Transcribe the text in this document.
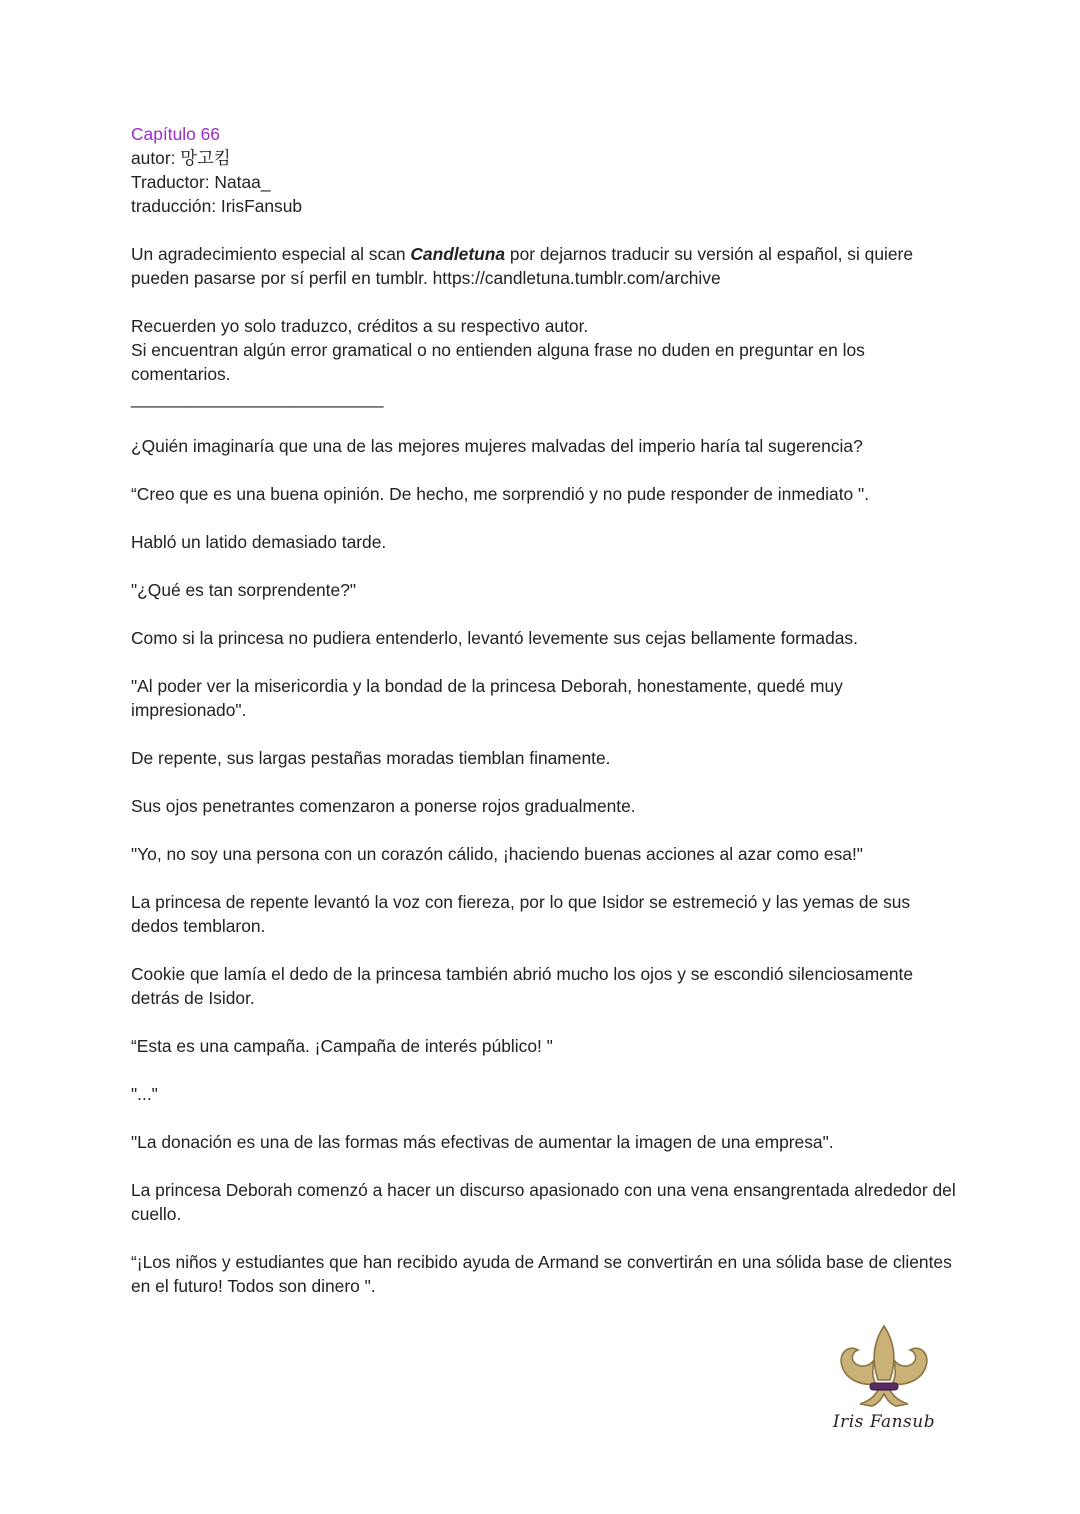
Capítulo 66
autor: 망고킴
Traductor: Nataa_
traducción: IrisFansub

Un agradecimiento especial al scan Candletuna por dejarnos traducir su versión al español, si quiere pueden pasarse por sí perfil en tumblr. https://candletuna.tumblr.com/archive

Recuerden yo solo traduzco, créditos a su respectivo autor.
Si encuentran algún error gramatical o no entienden alguna frase no duden en preguntar en los comentarios.
_____________________________

¿Quién imaginaría que una de las mejores mujeres malvadas del imperio haría tal sugerencia?

“Creo que es una buena opinión. De hecho, me sorprendió y no pude responder de inmediato ".

Habló un latido demasiado tarde.

"¿Qué es tan sorprendente?"

Como si la princesa no pudiera entenderlo, levantó levemente sus cejas bellamente formadas.

"Al poder ver la misericordia y la bondad de la princesa Deborah, honestamente, quedé muy impresionado".

De repente, sus largas pestañas moradas tiemblan finamente.

Sus ojos penetrantes comenzaron a ponerse rojos gradualmente.

"Yo, no soy una persona con un corazón cálido, ¡haciendo buenas acciones al azar como esa!"

La princesa de repente levantó la voz con fiereza, por lo que Isidor se estremeció y las yemas de sus dedos temblaron.

Cookie que lamía el dedo de la princesa también abrió mucho los ojos y se escondió silenciosamente detrás de Isidor.

“Esta es una campaña. ¡Campaña de interés público! "

"..."

"La donación es una de las formas más efectivas de aumentar la imagen de una empresa".

La princesa Deborah comenzó a hacer un discurso apasionado con una vena ensangrentada alrededor del cuello.

“¡Los niños y estudiantes que han recibido ayuda de Armand se convertirán en una sólida base de clientes en el futuro! Todos son dinero ".

Iris Fansub
